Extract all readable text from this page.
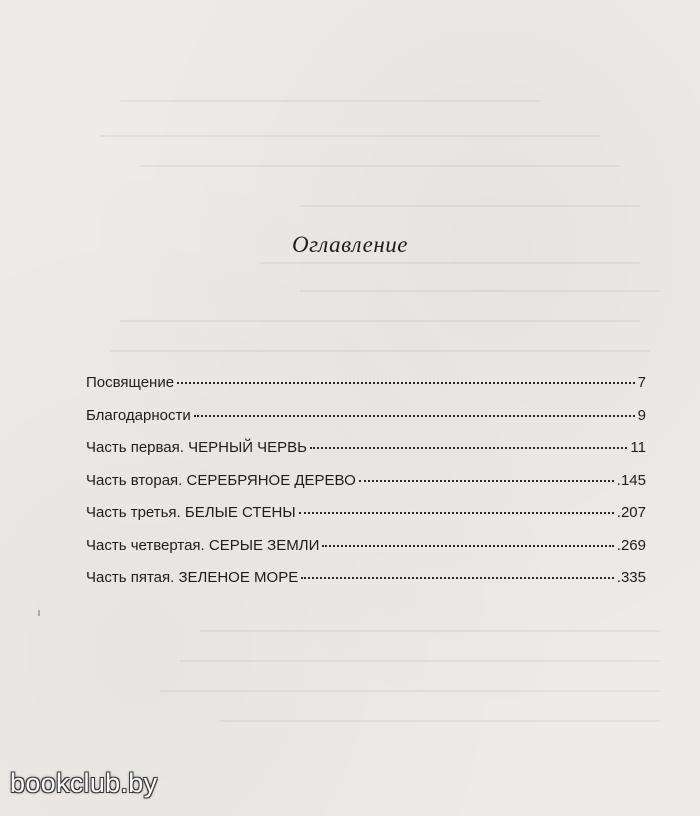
Оглавление
Посвящение	7
Благодарности	9
Часть первая. ЧЕРНЫЙ ЧЕРВЬ	11
Часть вторая. СЕРЕБРЯНОЕ ДЕРЕВО	.145
Часть третья. БЕЛЫЕ СТЕНЫ	.207
Часть четвертая. СЕРЫЕ ЗЕМЛИ	.269
Часть пятая. ЗЕЛЕНОЕ МОРЕ	.335
bookclub.by
